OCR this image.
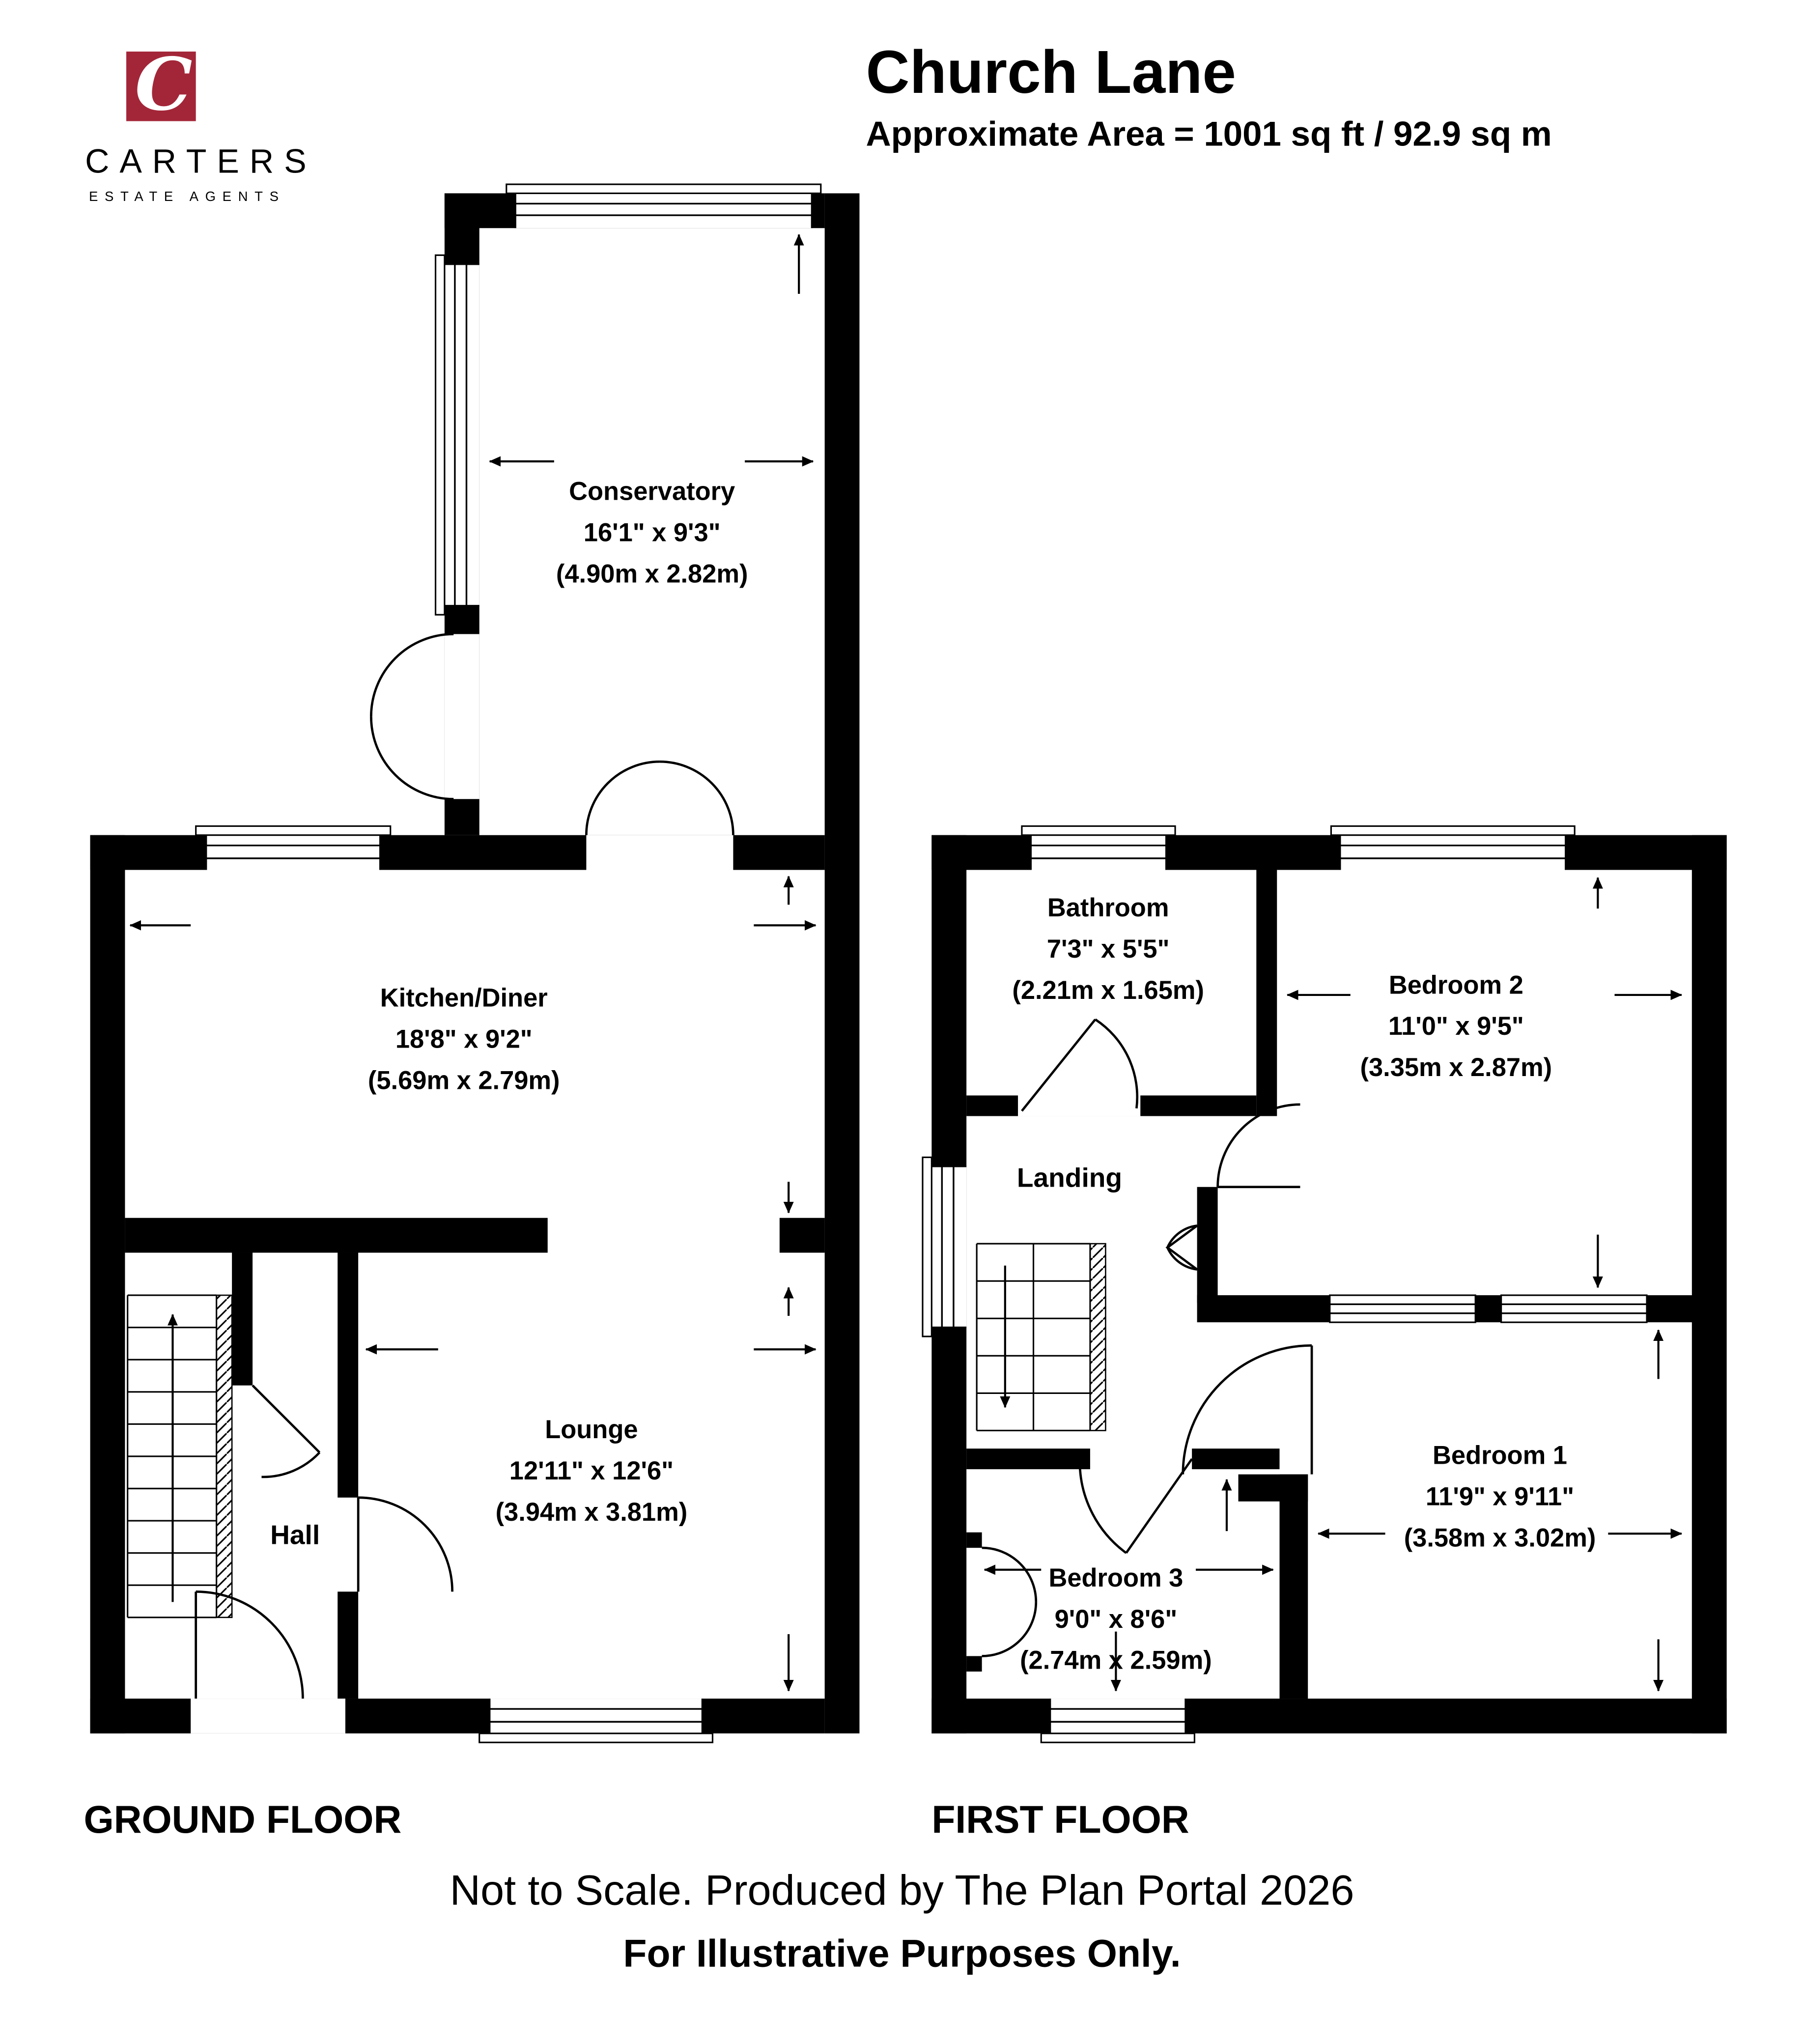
C
CARTERS
ESTATE AGENTS
Church Lane
Approximate Area = 1001 sq ft / 92.9 sq m
Conservatory
16'1" x 9'3"
(4.90m x 2.82m)
Kitchen/Diner
18'8" x 9'2"
(5.69m x 2.79m)
Lounge
12'11" x 12'6"
(3.94m x 3.81m)
Hall
Bathroom
7'3" x 5'5"
(2.21m x 1.65m)	Bedroom 2
11'0" x 9'5"
(3.35m x 2.87m)
Landing
Bedroom 1
11'9" x 9'11"
(3.58m x 3.02m)
Bedroom 3
9'0" x 8'6"
(2.74m x 2.59m)
GROUND FLOOR	FIRST FLOOR
Not to Scale. Produced by The Plan Portal 2026
For Illustrative Purposes Only.
